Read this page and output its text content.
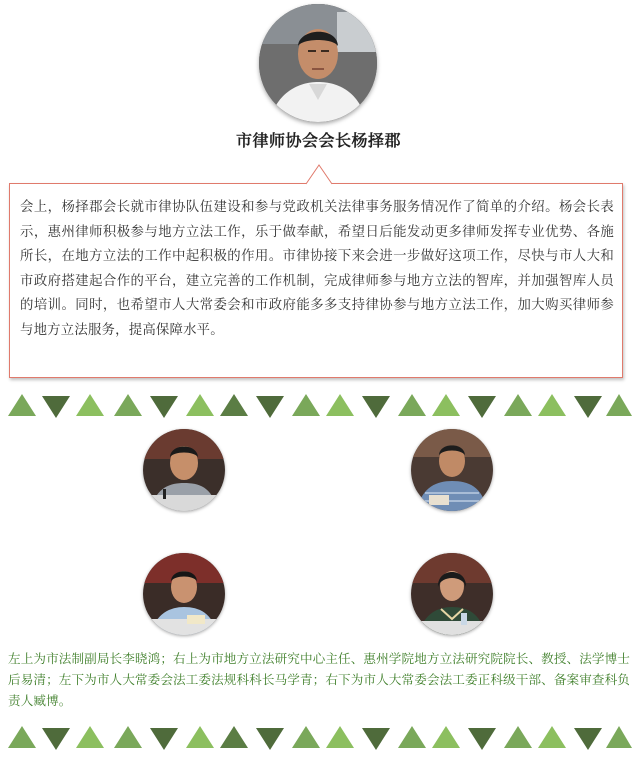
市律师协会会长杨择郡
会上，杨择郡会长就市律协队伍建设和参与党政机关法律事务服务情况作了简单的介绍。杨会长表示，惠州律师积极参与地方立法工作，乐于做奉献，希望日后能发动更多律师发挥专业优势、各施所长，在地方立法的工作中起积极的作用。市律协接下来会进一步做好这项工作，尽快与市人大和市政府搭建起合作的平台，建立完善的工作机制，完成律师参与地方立法的智库，并加强智库人员的培训。同时，也希望市人大常委会和市政府能多多支持律协参与地方立法工作，加大购买律师参与地方立法服务，提高保障水平。
左上为市法制副局长李晓鸿；右上为市地方立法研究中心主任、惠州学院地方立法研究院院长、教授、法学博士后易清；左下为市人大常委会法工委法规科科长马学青；右下为市人大常委会法工委正科级干部、备案审查科负责人臧博。
